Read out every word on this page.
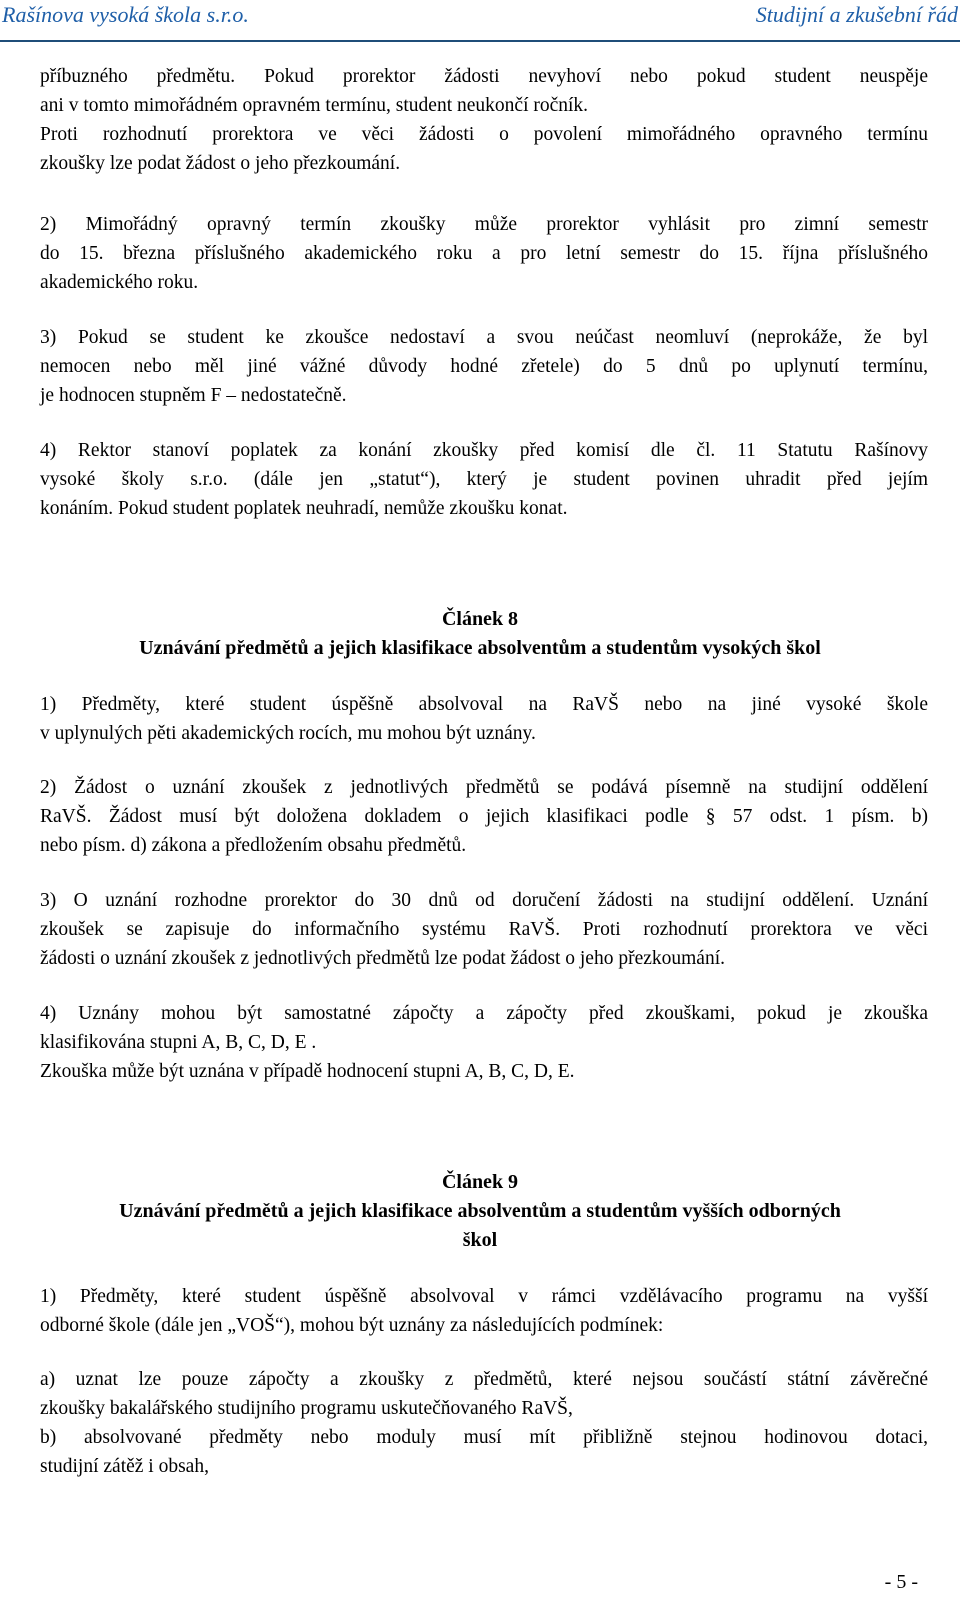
Rašínova vysoká škola s.r.o.	Studijní a zkušební řád

příbuzného předmětu. Pokud prorektor žádosti nevyhoví nebo pokud student neuspěje
ani v tomto mimořádném opravném termínu, student neukončí ročník.
Proti rozhodnutí prorektora ve věci žádosti o povolení mimořádného opravného termínu
zkoušky lze podat žádost o jeho přezkoumání.

2) Mimořádný opravný termín zkoušky může prorektor vyhlásit pro zimní semestr
do 15. března příslušného akademického roku a pro letní semestr do 15. října příslušného
akademického roku.

3) Pokud se student ke zkoušce nedostaví a svou neúčast neomluví (neprokáže, že byl
nemocen nebo měl jiné vážné důvody hodné zřetele) do 5 dnů po uplynutí termínu,
je hodnocen stupněm F – nedostatečně.

4) Rektor stanoví poplatek za konání zkoušky před komisí dle čl. 11 Statutu Rašínovy
vysoké školy s.r.o. (dále jen „statut“), který je student povinen uhradit před jejím
konáním. Pokud student poplatek neuhradí, nemůže zkoušku konat.

Článek 8
Uznávání předmětů a jejich klasifikace absolventům a studentům vysokých škol

1) Předměty, které student úspěšně absolvoval na RaVŠ nebo na jiné vysoké škole
v uplynulých pěti akademických rocích, mu mohou být uznány.

2) Žádost o uznání zkoušek z jednotlivých předmětů se podává písemně na studijní oddělení
RaVŠ. Žádost musí být doložena dokladem o jejich klasifikaci podle § 57 odst. 1 písm. b)
nebo písm. d) zákona a předložením obsahu předmětů.

3) O uznání rozhodne prorektor do 30 dnů od doručení žádosti na studijní oddělení. Uznání
zkoušek se zapisuje do informačního systému RaVŠ. Proti rozhodnutí prorektora ve věci
žádosti o uznání zkoušek z jednotlivých předmětů lze podat žádost o jeho přezkoumání.

4) Uznány mohou být samostatné zápočty a zápočty před zkouškami, pokud je zkouška
klasifikována stupni A, B, C, D, E .
Zkouška může být uznána v případě hodnocení stupni A, B, C, D, E.

Článek 9
Uznávání předmětů a jejich klasifikace absolventům a studentům vyšších odborných
škol

1) Předměty, které student úspěšně absolvoval v rámci vzdělávacího programu na vyšší
odborné škole (dále jen „VOŠ“), mohou být uznány za následujících podmínek:

a) uznat lze pouze zápočty a zkoušky z předmětů, které nejsou součástí státní závěrečné
zkoušky bakalářského studijního programu uskutečňovaného RaVŠ,
b) absolvované předměty nebo moduly musí mít přibližně stejnou hodinovou dotaci,
studijní zátěž i obsah,

- 5 -
